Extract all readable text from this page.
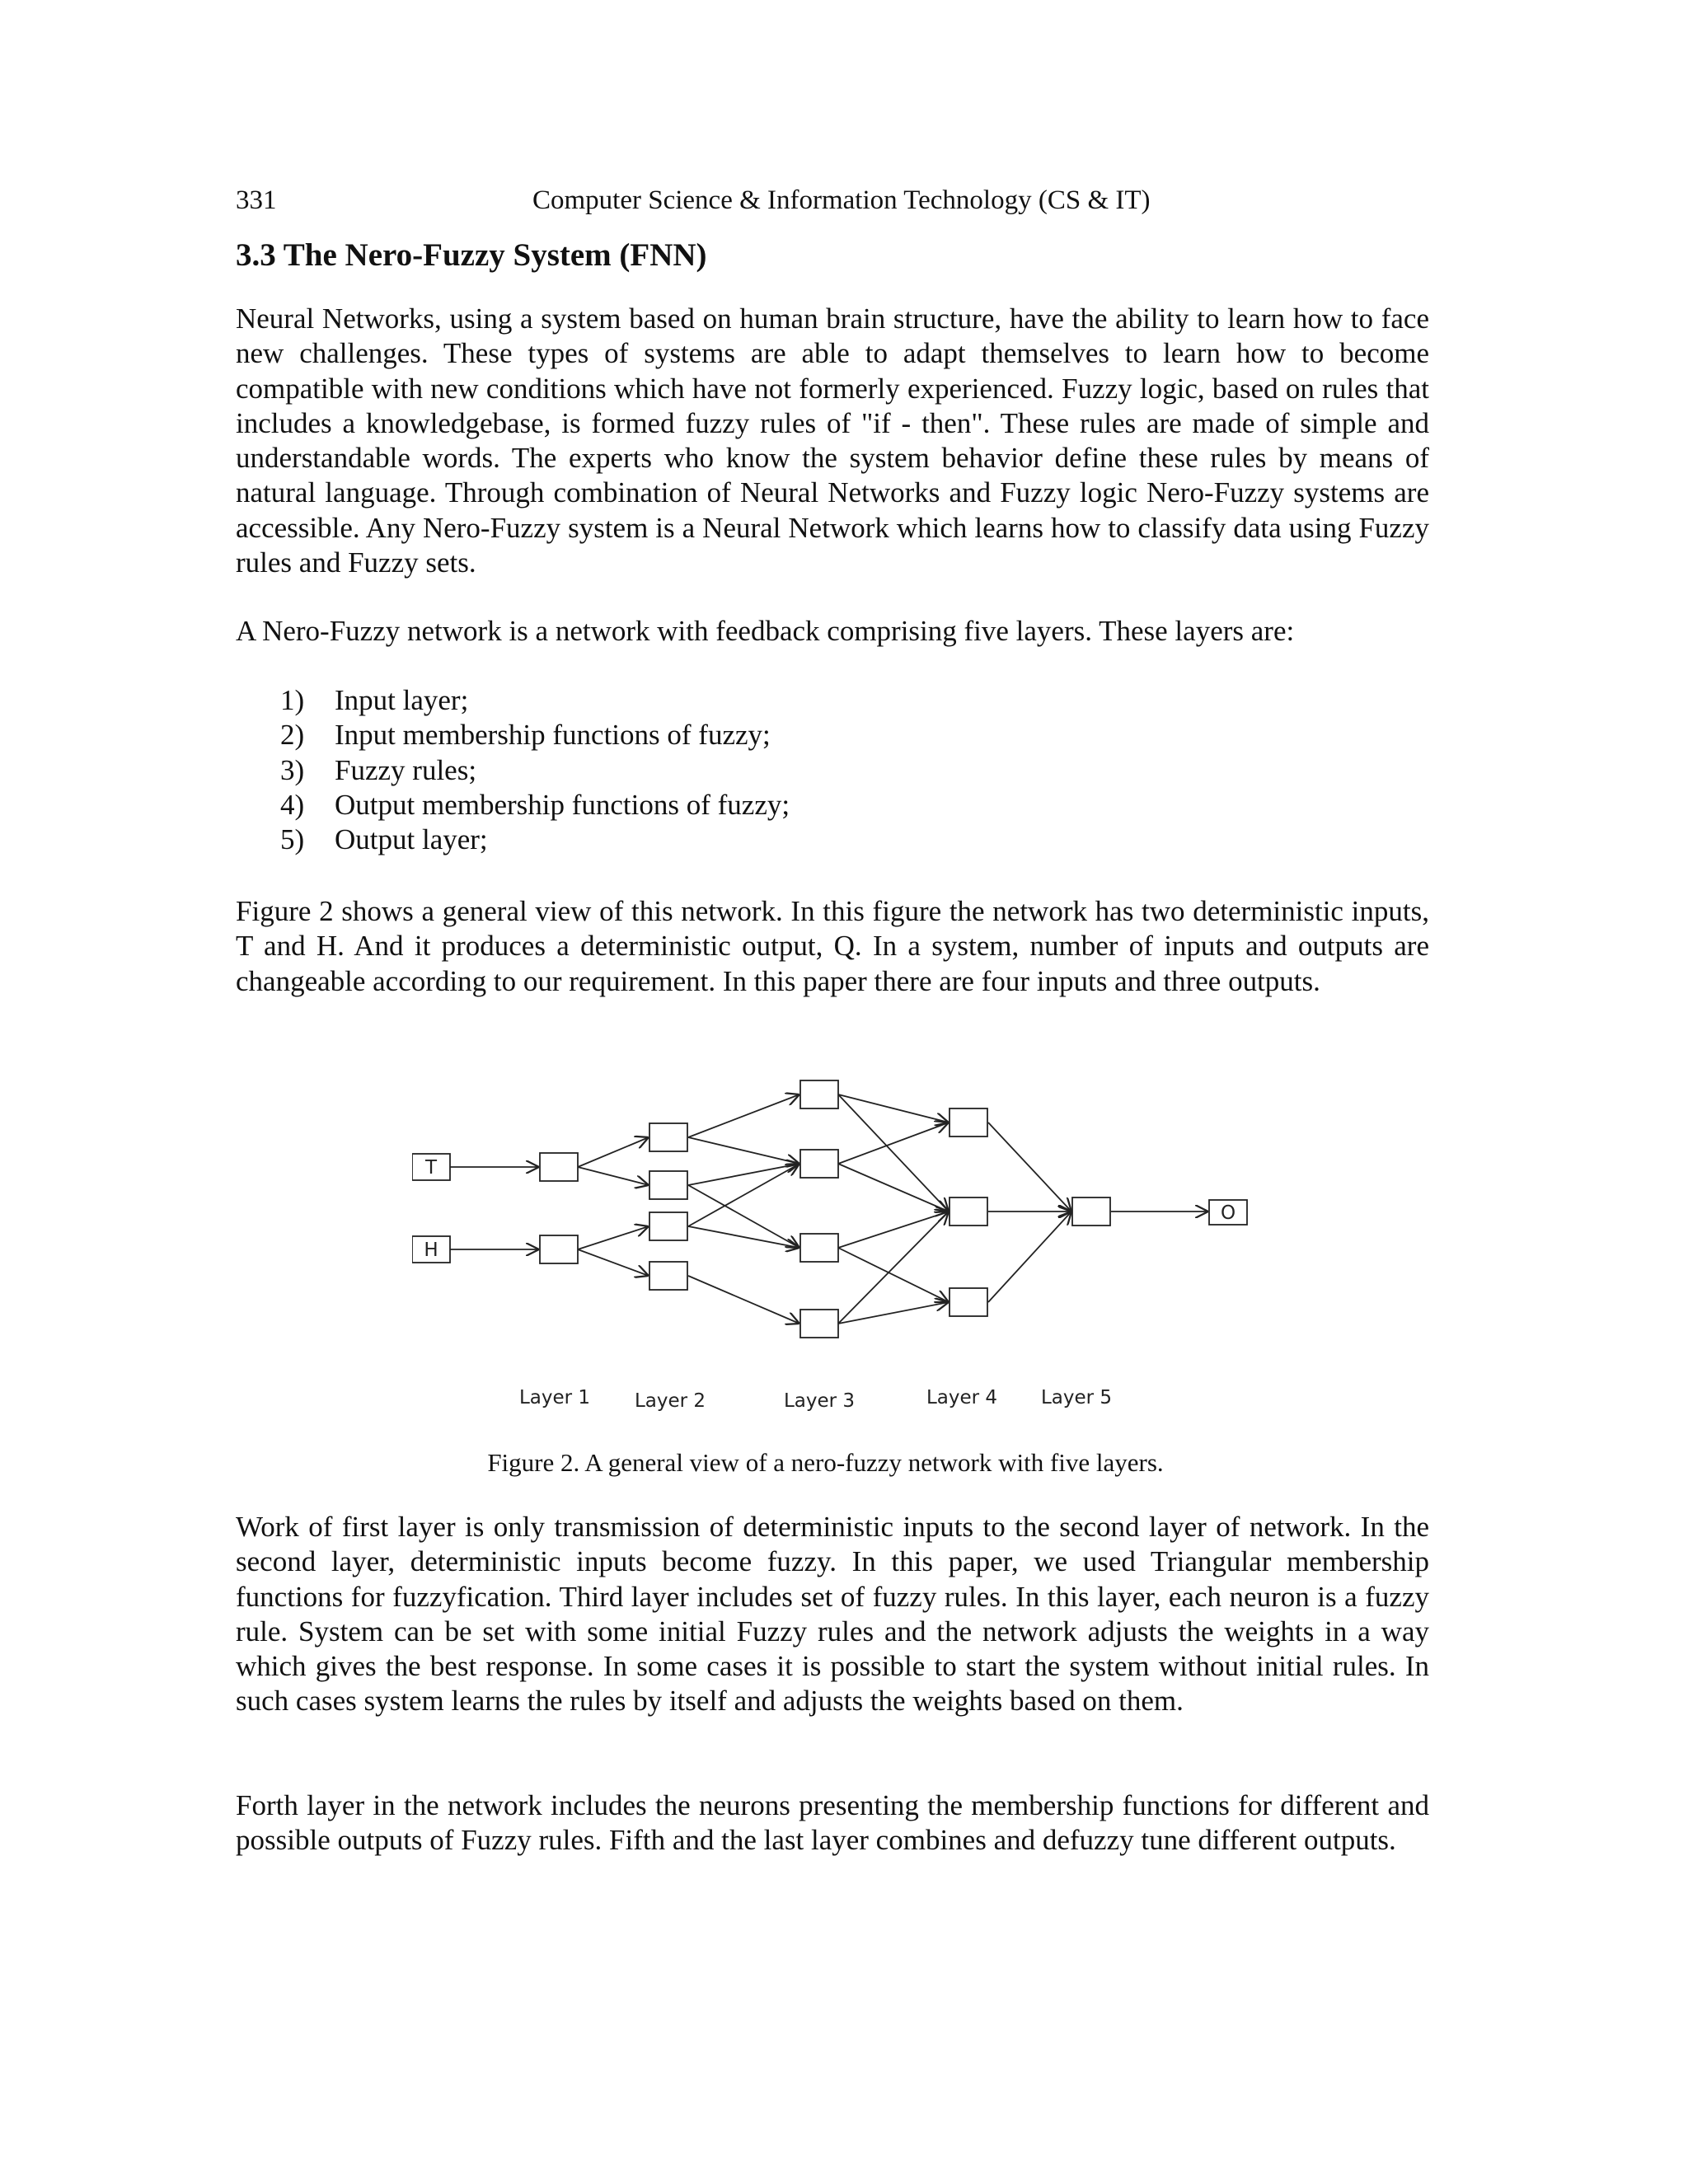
331	Computer Science & Information Technology (CS & IT)
3.3 The Nero-Fuzzy System (FNN)

Neural Networks, using a system based on human brain structure, have the ability to learn how to face new challenges. These types of systems are able to adapt themselves to learn how to become compatible with new conditions which have not formerly experienced. Fuzzy logic, based on rules that includes a knowledgebase, is formed fuzzy rules of "if - then". These rules are made of simple and understandable words. The experts who know the system behavior define these rules by means of natural language. Through combination of Neural Networks and Fuzzy logic Nero-Fuzzy systems are accessible. Any Nero-Fuzzy system is a Neural Network which learns how to classify data using Fuzzy rules and Fuzzy sets.

A Nero-Fuzzy network is a network with feedback comprising five layers. These layers are:

1)	Input layer;
2)	Input membership functions of fuzzy;
3)	Fuzzy rules;
4)	Output membership functions of fuzzy;
5)	Output layer;

Figure 2 shows a general view of this network. In this figure the network has two deterministic inputs, T and H. And it produces a deterministic output, Q. In a system, number of inputs and outputs are changeable according to our requirement. In this paper there are four inputs and three outputs.

T
H
O
Layer 1 Layer 2	Layer 3	Layer 4 Layer 5

Figure 2. A general view of a nero-fuzzy network with five layers.

Work of first layer is only transmission of deterministic inputs to the second layer of network. In the second layer, deterministic inputs become fuzzy. In this paper, we used Triangular membership functions for fuzzyfication. Third layer includes set of fuzzy rules. In this layer, each neuron is a fuzzy rule. System can be set with some initial Fuzzy rules and the network adjusts the weights in a way which gives the best response. In some cases it is possible to start the system without initial rules. In such cases system learns the rules by itself and adjusts the weights based on them.

Forth layer in the network includes the neurons presenting the membership functions for different and possible outputs of Fuzzy rules. Fifth and the last layer combines and defuzzy tune different outputs.
